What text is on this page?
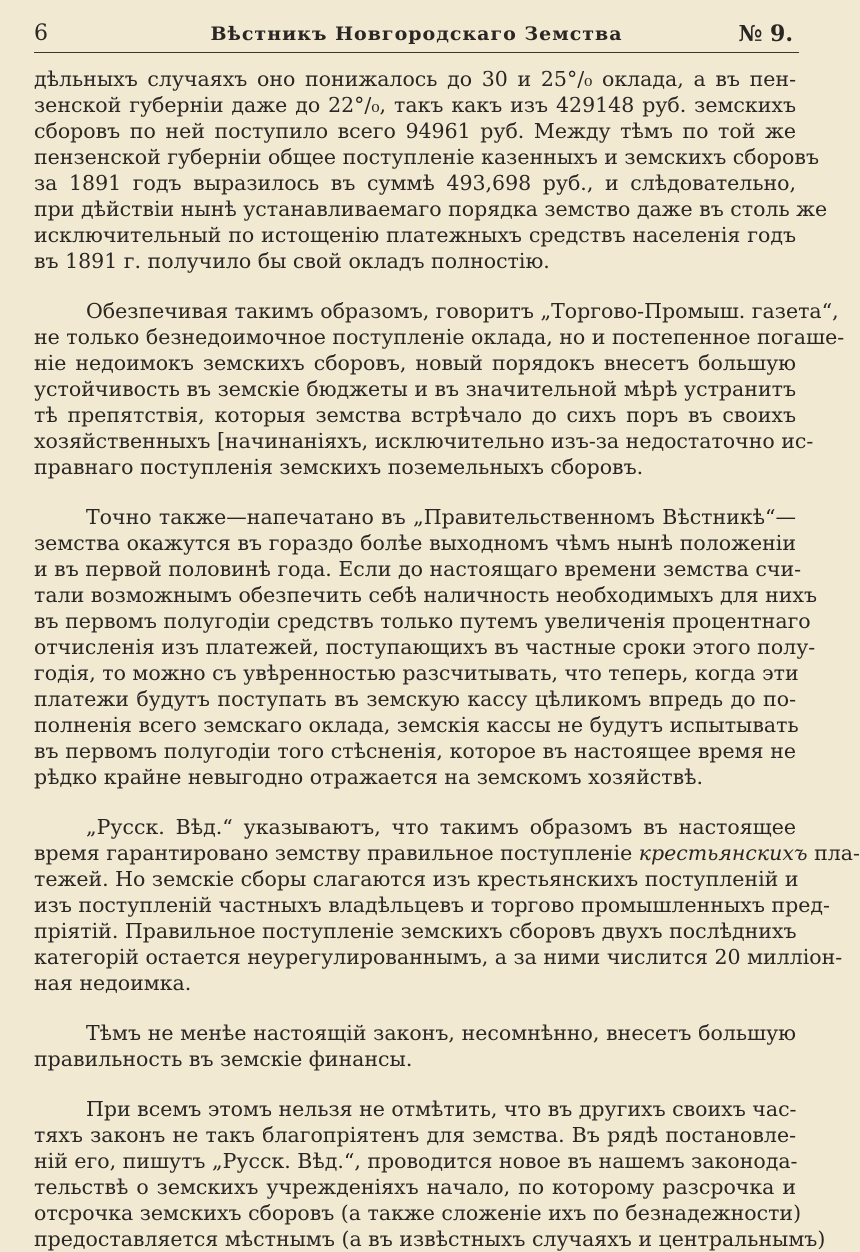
6	Вѣстникъ Новгородскаго Земства	№ 9.
дѣльныхъ случаяхъ оно понижалось до 30 и 25°/₀ оклада, а въ пен-
зенской губерніи даже до 22°/₀, такъ какъ изъ 429148 руб. земскихъ
сборовъ по ней поступило всего 94961 руб. Между тѣмъ по той же
пензенской губерніи общее поступленіе казенныхъ и земскихъ сборовъ
за 1891 годъ выразилось въ суммѣ 493,698 руб., и слѣдовательно,
при дѣйствіи нынѣ устанавливаемаго порядка земство даже въ столь же
исключительный по истощенію платежныхъ средствъ населенія годъ
въ 1891 г. получило бы свой окладъ полностію.
Обезпечивая такимъ образомъ, говоритъ „Торгово-Промыш. газета“,
не только безнедоимочное поступленіе оклада, но и постепенное погаше-
ніе недоимокъ земскихъ сборовъ, новый порядокъ внесетъ большую
устойчивость въ земскіе бюджеты и въ значительной мѣрѣ устранитъ
тѣ препятствія, которыя земства встрѣчало до сихъ поръ въ своихъ
хозяйственныхъ [начинаніяхъ, исключительно изъ-за недостаточно ис-
правнаго поступленія земскихъ поземельныхъ сборовъ.
Точно также—напечатано въ „Правительственномъ Вѣстникѣ“—
земства окажутся въ гораздо болѣе выходномъ чѣмъ нынѣ положеніи
и въ первой половинѣ года. Если до настоящаго времени земства счи-
тали возможнымъ обезпечить себѣ наличность необходимыхъ для нихъ
въ первомъ полугодіи средствъ только путемъ увеличенія процентнаго
отчисленія изъ платежей, поступающихъ въ частные сроки этого полу-
годія, то можно съ увѣренностью разсчитывать, что теперь, когда эти
платежи будутъ поступать въ земскую кассу цѣликомъ впредь до по-
полненія всего земскаго оклада, земскія кассы не будутъ испытывать
въ первомъ полугодіи того стѣсненія, которое въ настоящее время не
рѣдко крайне невыгодно отражается на земскомъ хозяйствѣ.
„Русск. Вѣд.“ указываютъ, что такимъ образомъ въ настоящее
время гарантировано земству правильное поступленіе крестьянскихъ пла-
тежей. Но земскіе сборы слагаются изъ крестьянскихъ поступленій и
изъ поступленій частныхъ владѣльцевъ и торгово промышленныхъ пред-
пріятій. Правильное поступленіе земскихъ сборовъ двухъ послѣднихъ
категорій остается неурегулированнымъ, а за ними числится 20 милліон-
ная недоимка.
Тѣмъ не менѣе настоящій законъ, несомнѣнно, внесетъ большую
правильность въ земскіе финансы.
При всемъ этомъ нельзя не отмѣтить, что въ другихъ своихъ час-
тяхъ законъ не такъ благопріятенъ для земства. Въ рядѣ постановле-
ній его, пишутъ „Русск. Вѣд.“, проводится новое въ нашемъ законода-
тельствѣ о земскихъ учрежденіяхъ начало, по которому разсрочка и
отсрочка земскихъ сборовъ (а также сложеніе ихъ по безнадежности)
предоставляется мѣстнымъ (а въ извѣстныхъ случаяхъ и центральнымъ)
